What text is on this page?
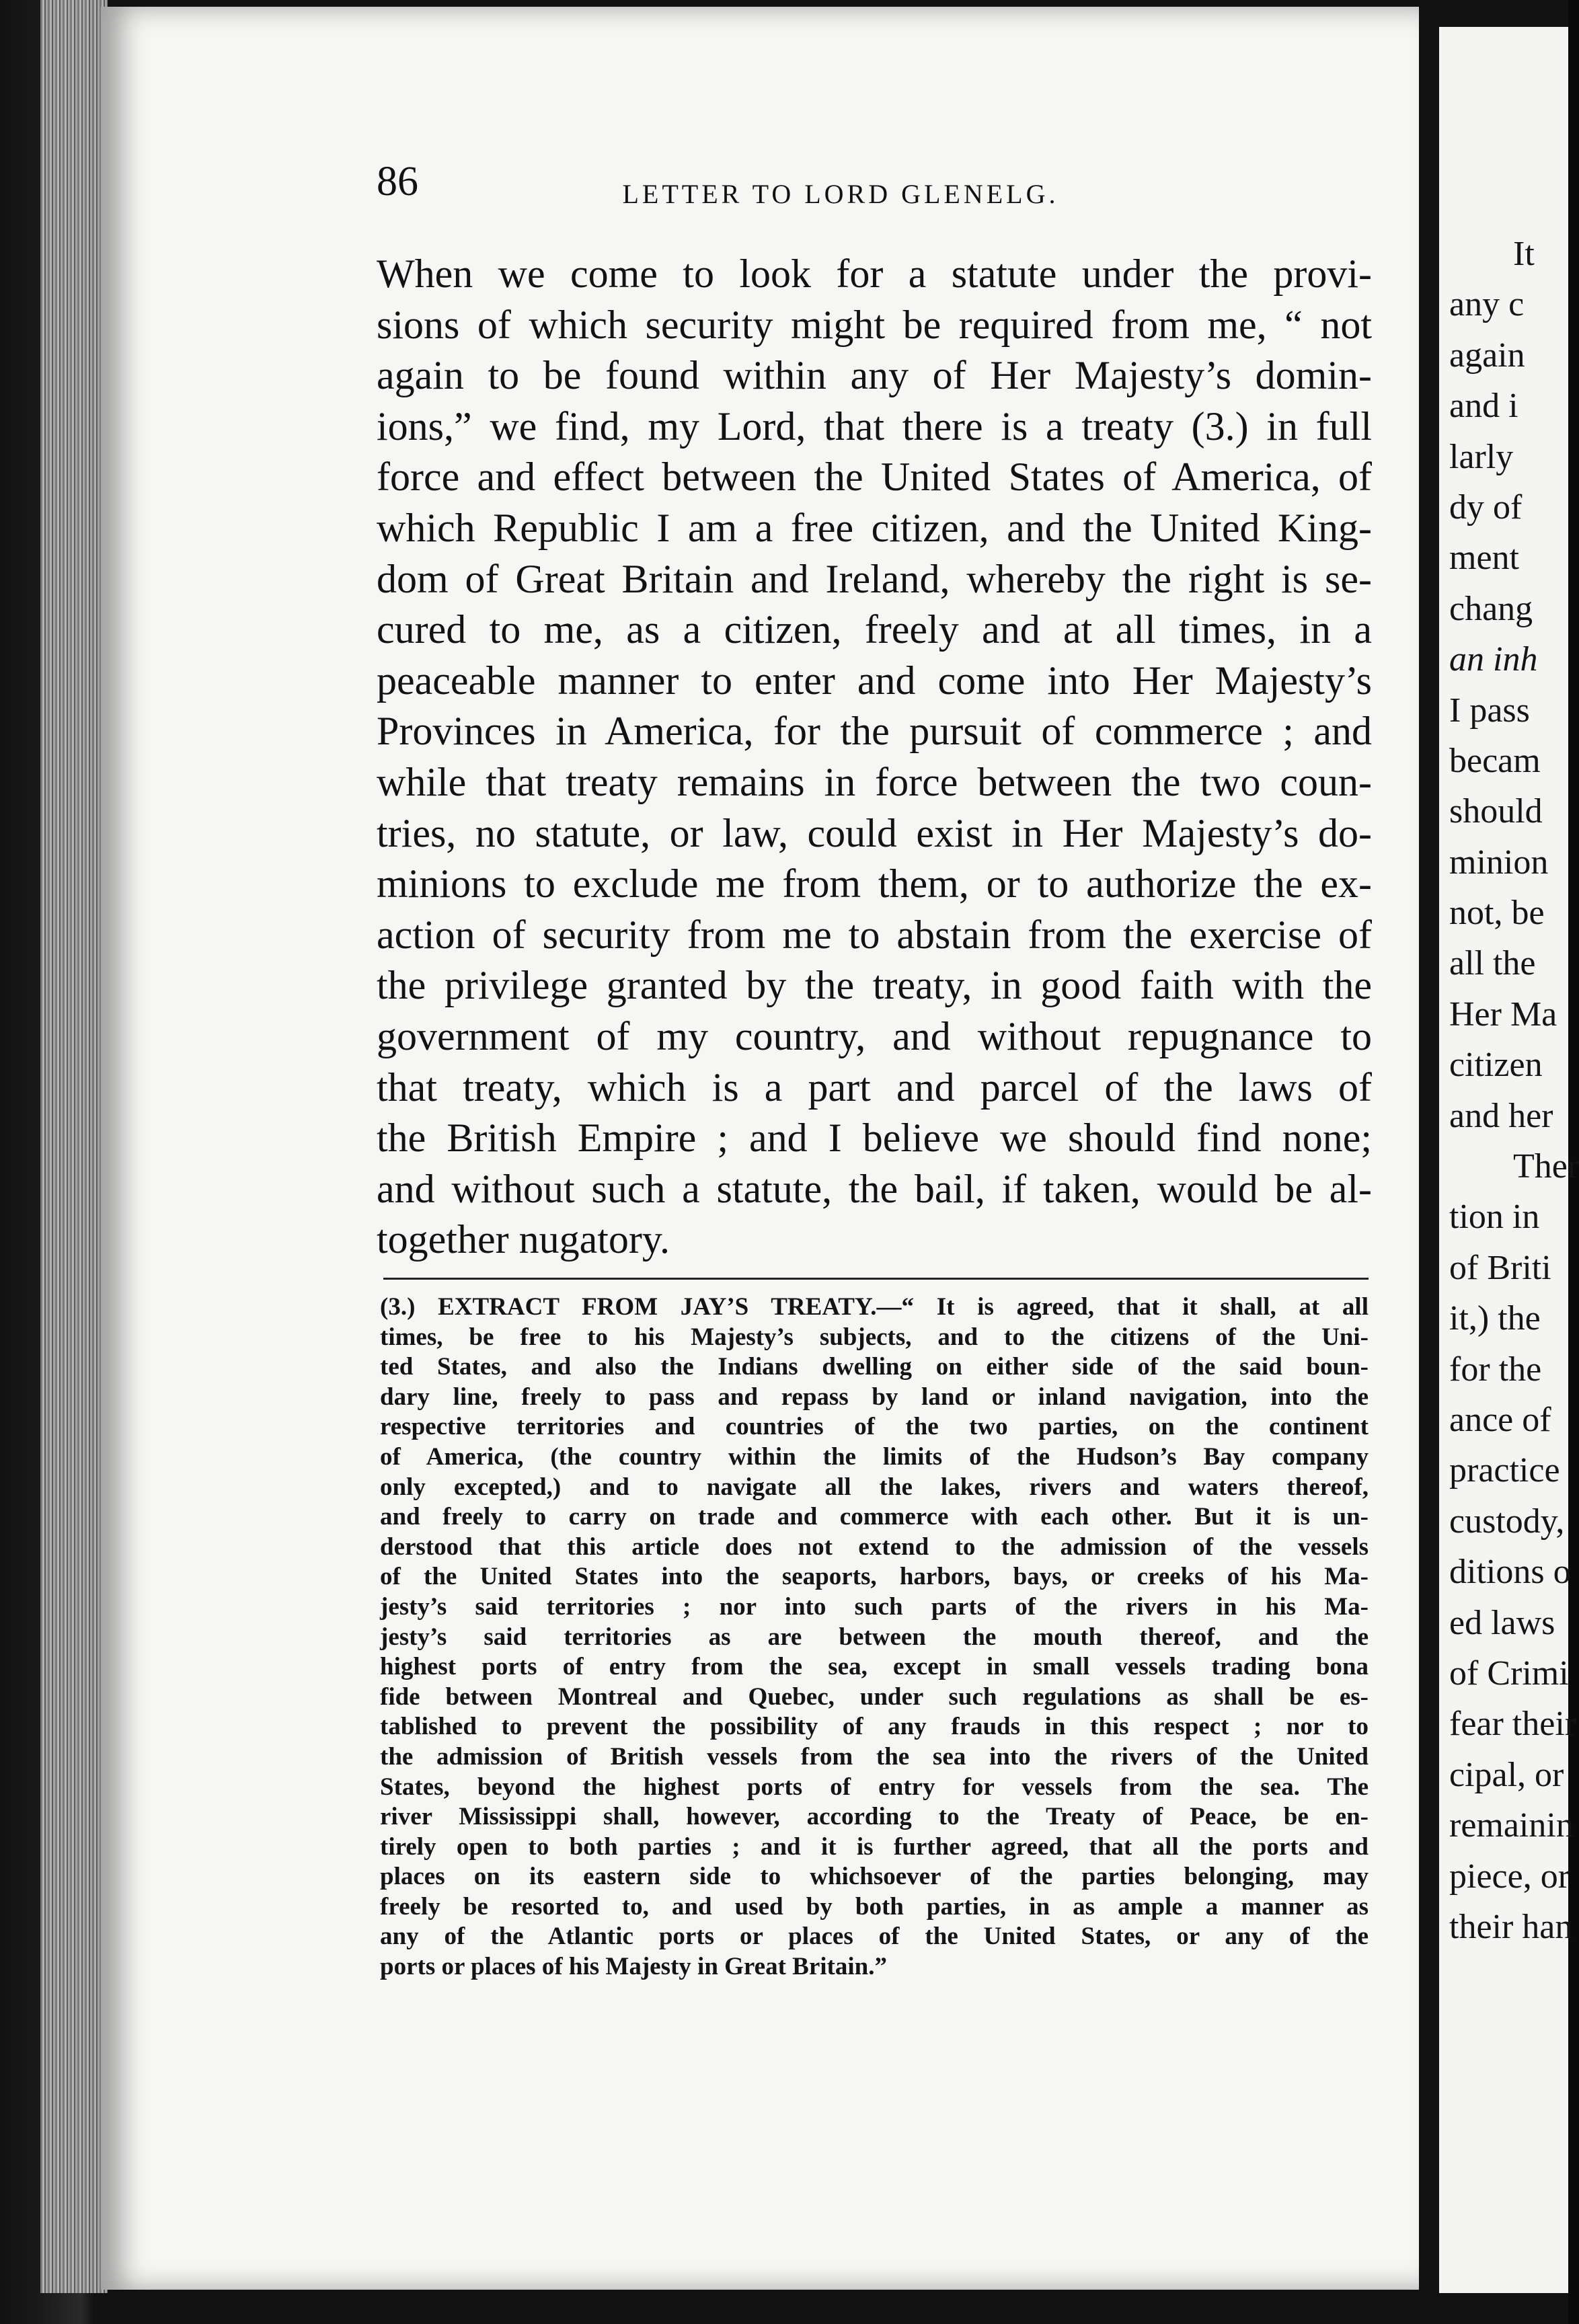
86	LETTER TO LORD GLENELG.
When we come to look for a statute under the provi-
sions of which security might be required from me, “ not
again to be found within any of Her Majesty’s domin-
ions,” we find, my Lord, that there is a treaty (3.) in full
force and effect between the United States of America, of
which Republic I am a free citizen, and the United King-
dom of Great Britain and Ireland, whereby the right is se-
cured to me, as a citizen, freely and at all times, in a
peaceable manner to enter and come into Her Majesty’s
Provinces in America, for the pursuit of commerce ; and
while that treaty remains in force between the two coun-
tries, no statute, or law, could exist in Her Majesty’s do-
minions to exclude me from them, or to authorize the ex-
action of security from me to abstain from the exercise of
the privilege granted by the treaty, in good faith with the
government of my country, and without repugnance to
that treaty, which is a part and parcel of the laws of
the British Empire ; and I believe we should find none;
and without such a statute, the bail, if taken, would be al-
together nugatory.
(3.) EXTRACT FROM JAY’S TREATY.—“ It is agreed, that it shall, at all
times, be free to his Majesty’s subjects, and to the citizens of the Uni-
ted States, and also the Indians dwelling on either side of the said boun-
dary line, freely to pass and repass by land or inland navigation, into the
respective territories and countries of the two parties, on the continent
of America, (the country within the limits of the Hudson’s Bay company
only excepted,) and to navigate all the lakes, rivers and waters thereof,
and freely to carry on trade and commerce with each other. But it is un-
derstood that this article does not extend to the admission of the vessels
of the United States into the seaports, harbors, bays, or creeks of his Ma-
jesty’s said territories ; nor into such parts of the rivers in his Ma-
jesty’s said territories as are between the mouth thereof, and the
highest ports of entry from the sea, except in small vessels trading bona
fide between Montreal and Quebec, under such regulations as shall be es-
tablished to prevent the possibility of any frauds in this respect ; nor to
the admission of British vessels from the sea into the rivers of the United
States, beyond the highest ports of entry for vessels from the sea. The
river Mississippi shall, however, according to the Treaty of Peace, be en-
tirely open to both parties ; and it is further agreed, that all the ports and
places on its eastern side to whichsoever of the parties belonging, may
freely be resorted to, and used by both parties, in as ample a manner as
any of the Atlantic ports or places of the United States, or any of the
ports or places of his Majesty in Great Britain.”
It
any c
again
and i
larly
dy of
ment
chang
an inh
I pass
becam
should
minion
not, be
all the
Her Ma
citizen
and her
Ther
tion in
of Briti
it,) the
for the
ance of
practice
custody,
ditions o
ed laws
of Crimi
fear their
cipal, or
remainin
piece, or
their han
